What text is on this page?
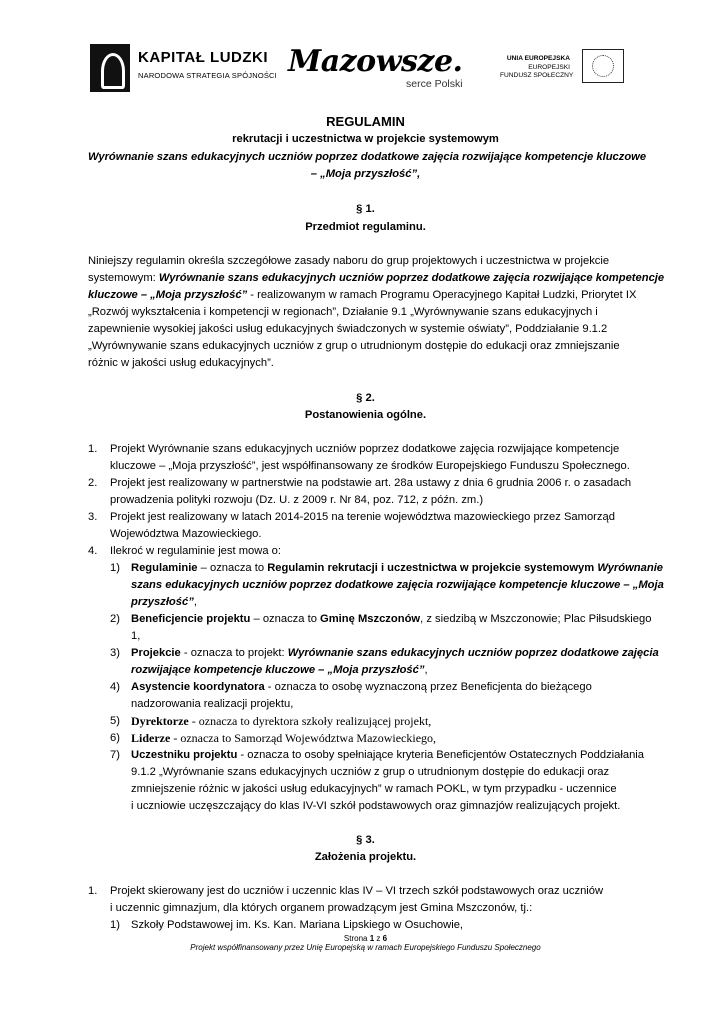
KAPITAŁ LUDZKI
NARODOWA STRATEGIA SPÓJNOŚCI Mazowsze.
serce Polski
UNIA EUROPEJSKA
EUROPEJSKI
FUNDUSZ SPOŁECZNY
REGULAMIN
rekrutacji i uczestnictwa w projekcie systemowym
Wyrównanie szans edukacyjnych uczniów poprzez dodatkowe zajęcia rozwijające kompetencje kluczowe
– „Moja przyszłość”,
§ 1.
Przedmiot regulaminu.
Niniejszy regulamin określa szczegółowe zasady naboru do grup projektowych i uczestnictwa w projekcie
systemowym: Wyrównanie szans edukacyjnych uczniów poprzez dodatkowe zajęcia rozwijające kompetencje
kluczowe – „Moja przyszłość” - realizowanym w ramach Programu Operacyjnego Kapitał Ludzki, Priorytet IX
„Rozwój wykształcenia i kompetencji w regionach”, Działanie 9.1 „Wyrównywanie szans edukacyjnych i
zapewnienie wysokiej jakości usług edukacyjnych świadczonych w systemie oświaty”, Poddziałanie 9.1.2
„Wyrównywanie szans edukacyjnych uczniów z grup o utrudnionym dostępie do edukacji oraz zmniejszanie
różnic w jakości usług edukacyjnych”.
§ 2.
Postanowienia ogólne.
1. Projekt Wyrównanie szans edukacyjnych uczniów poprzez dodatkowe zajęcia rozwijające kompetencje
kluczowe – „Moja przyszłość”, jest współfinansowany ze środków Europejskiego Funduszu Społecznego.
2. Projekt jest realizowany w partnerstwie na podstawie art. 28a ustawy z dnia 6 grudnia 2006 r. o zasadach
prowadzenia polityki rozwoju (Dz. U. z 2009 r. Nr 84, poz. 712, z późn. zm.)
3. Projekt jest realizowany w latach 2014-2015 na terenie województwa mazowieckiego przez Samorząd
Województwa Mazowieckiego.
4. Ilekroć w regulaminie jest mowa o:
1) Regulaminie – oznacza to Regulamin rekrutacji i uczestnictwa w projekcie systemowym Wyrównanie
szans edukacyjnych uczniów poprzez dodatkowe zajęcia rozwijające kompetencje kluczowe – „Moja
przyszłość”,
2) Beneficjencie projektu – oznacza to Gminę Mszczonów, z siedzibą w Mszczonowie; Plac Piłsudskiego
1,
3) Projekcie - oznacza to projekt: Wyrównanie szans edukacyjnych uczniów poprzez dodatkowe zajęcia
rozwijające kompetencje kluczowe – „Moja przyszłość”,
4) Asystencie koordynatora - oznacza to osobę wyznaczoną przez Beneficjenta do bieżącego
nadzorowania realizacji projektu,
5) Dyrektorze - oznacza to dyrektora szkoły realizującej projekt,
6) Liderze - oznacza to Samorząd Województwa Mazowieckiego,
7) Uczestniku projektu - oznacza to osoby spełniające kryteria Beneficjentów Ostatecznych Poddziałania
9.1.2 „Wyrównanie szans edukacyjnych uczniów z grup o utrudnionym dostępie do edukacji oraz
zmniejszenie różnic w jakości usług edukacyjnych” w ramach POKL, w tym przypadku - uczennice
i uczniowie uczęszczający do klas IV-VI szkół podstawowych oraz gimnazjów realizujących projekt.
§ 3.
Założenia projektu.
1. Projekt skierowany jest do uczniów i uczennic klas IV – VI trzech szkół podstawowych oraz uczniów
i uczennic gimnazjum, dla których organem prowadzącym jest Gmina Mszczonów, tj.:
1) Szkoły Podstawowej im. Ks. Kan. Mariana Lipskiego w Osuchowie,
Strona 1 z 6
Projekt współfinansowany przez Unię Europejską w ramach Europejskiego Funduszu Społecznego
